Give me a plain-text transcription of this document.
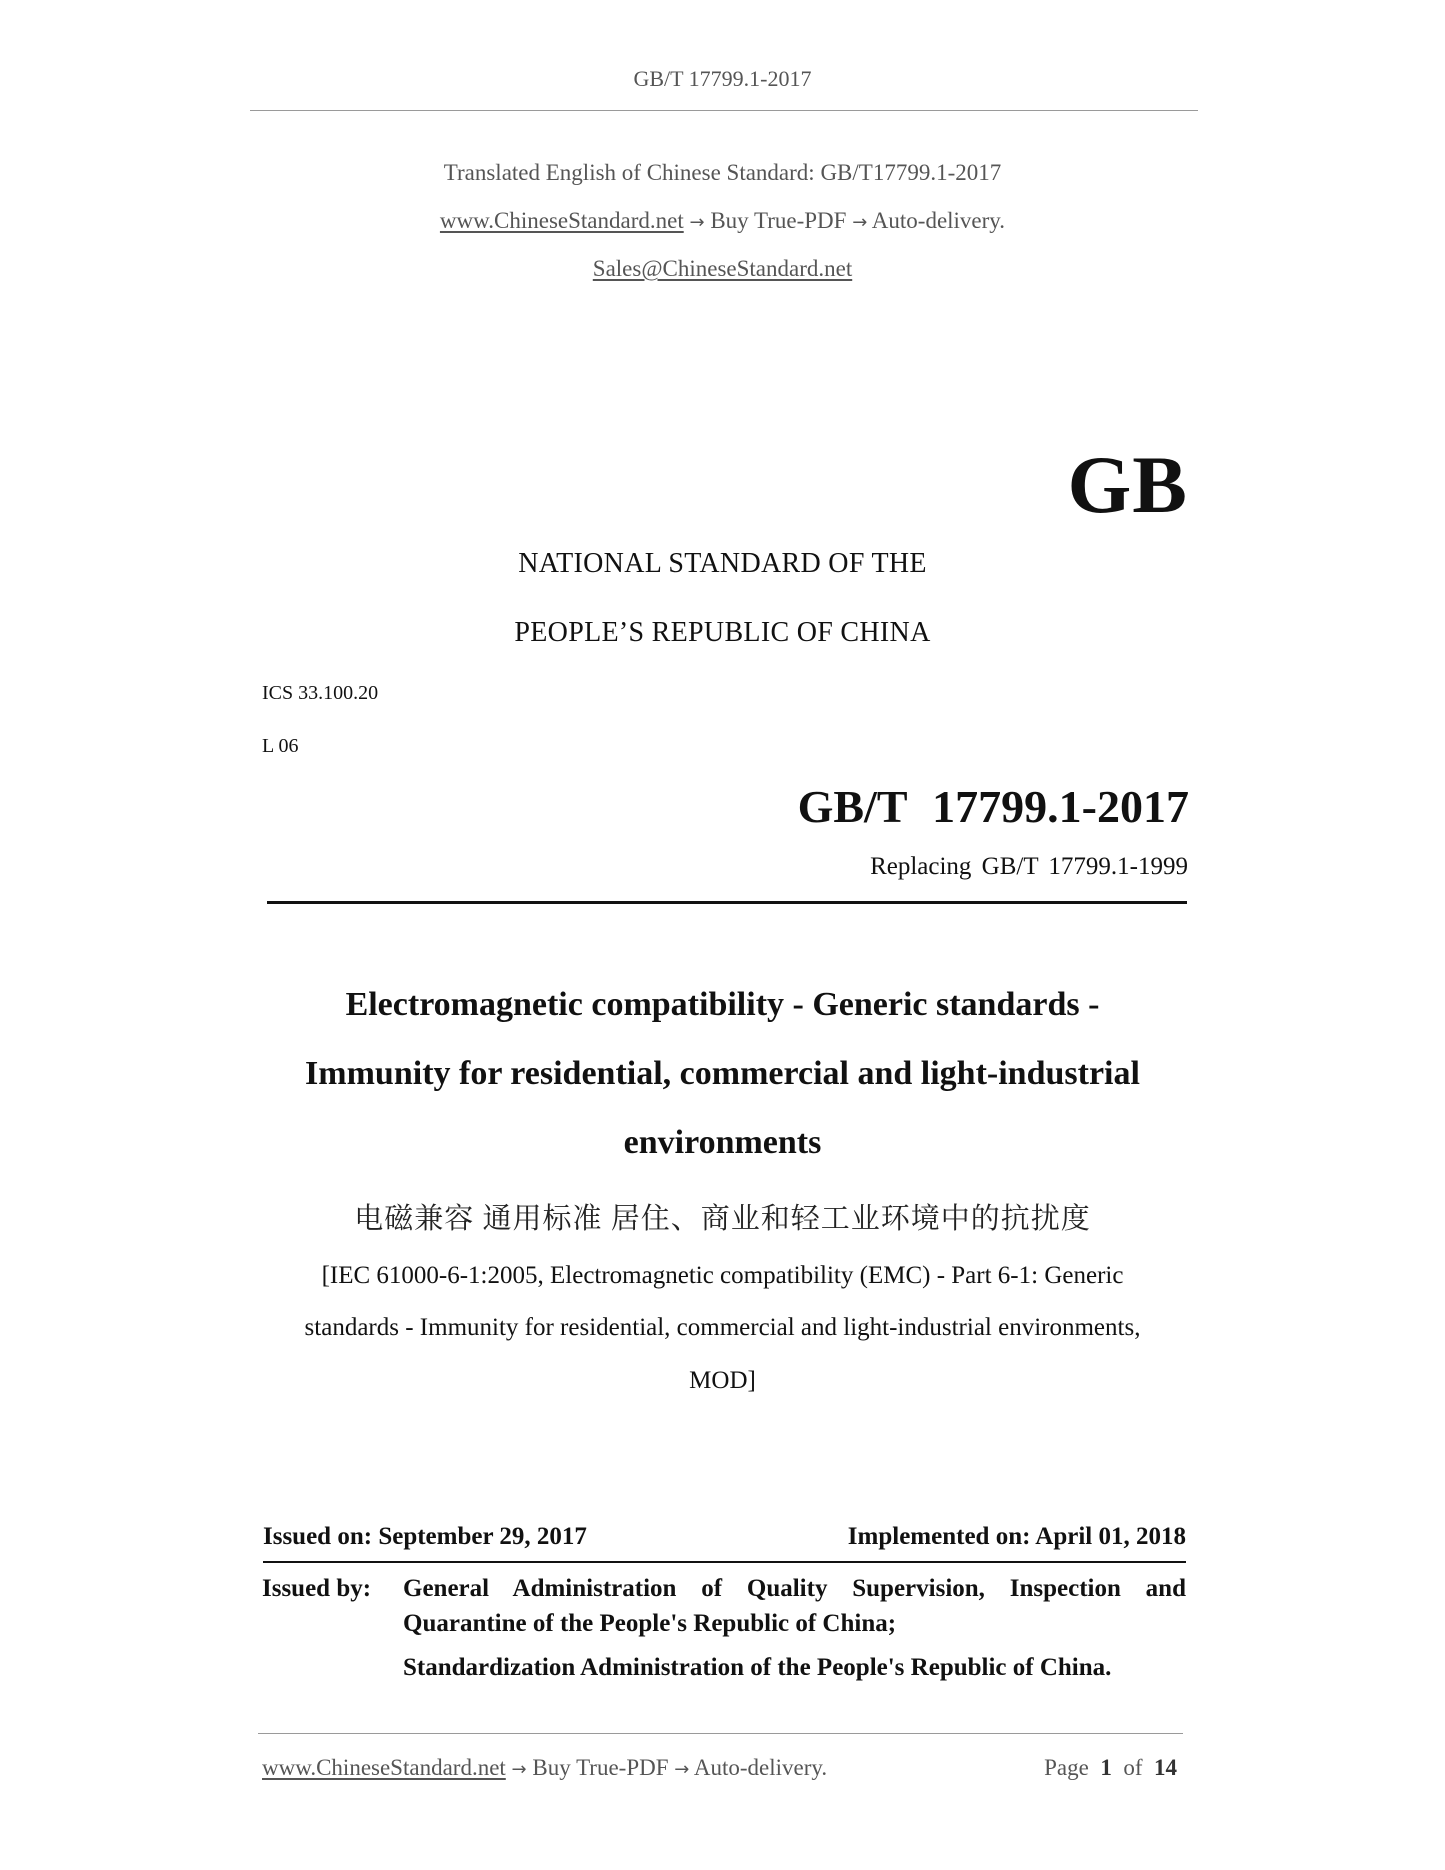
GB/T 17799.1-2017
Translated English of Chinese Standard: GB/T17799.1-2017
www.ChineseStandard.net → Buy True-PDF → Auto-delivery.
Sales@ChineseStandard.net
GB
NATIONAL STANDARD OF THE
PEOPLE’S REPUBLIC OF CHINA
ICS 33.100.20
L 06
GB/T 17799.1-2017
Replacing GB/T 17799.1-1999
Electromagnetic compatibility - Generic standards -
Immunity for residential, commercial and light-industrial
environments
电磁兼容 通用标准 居住、商业和轻工业环境中的抗扰度
[IEC 61000-6-1:2005, Electromagnetic compatibility (EMC) - Part 6-1: Generic
standards - Immunity for residential, commercial and light-industrial environments,
MOD]
Issued on: September 29, 2017	Implemented on: April 01, 2018
Issued by: General Administration of Quality Supervision, Inspection and
Quarantine of the People's Republic of China;
Standardization Administration of the People's Republic of China.
www.ChineseStandard.net → Buy True-PDF → Auto-delivery.	Page 1 of 14
